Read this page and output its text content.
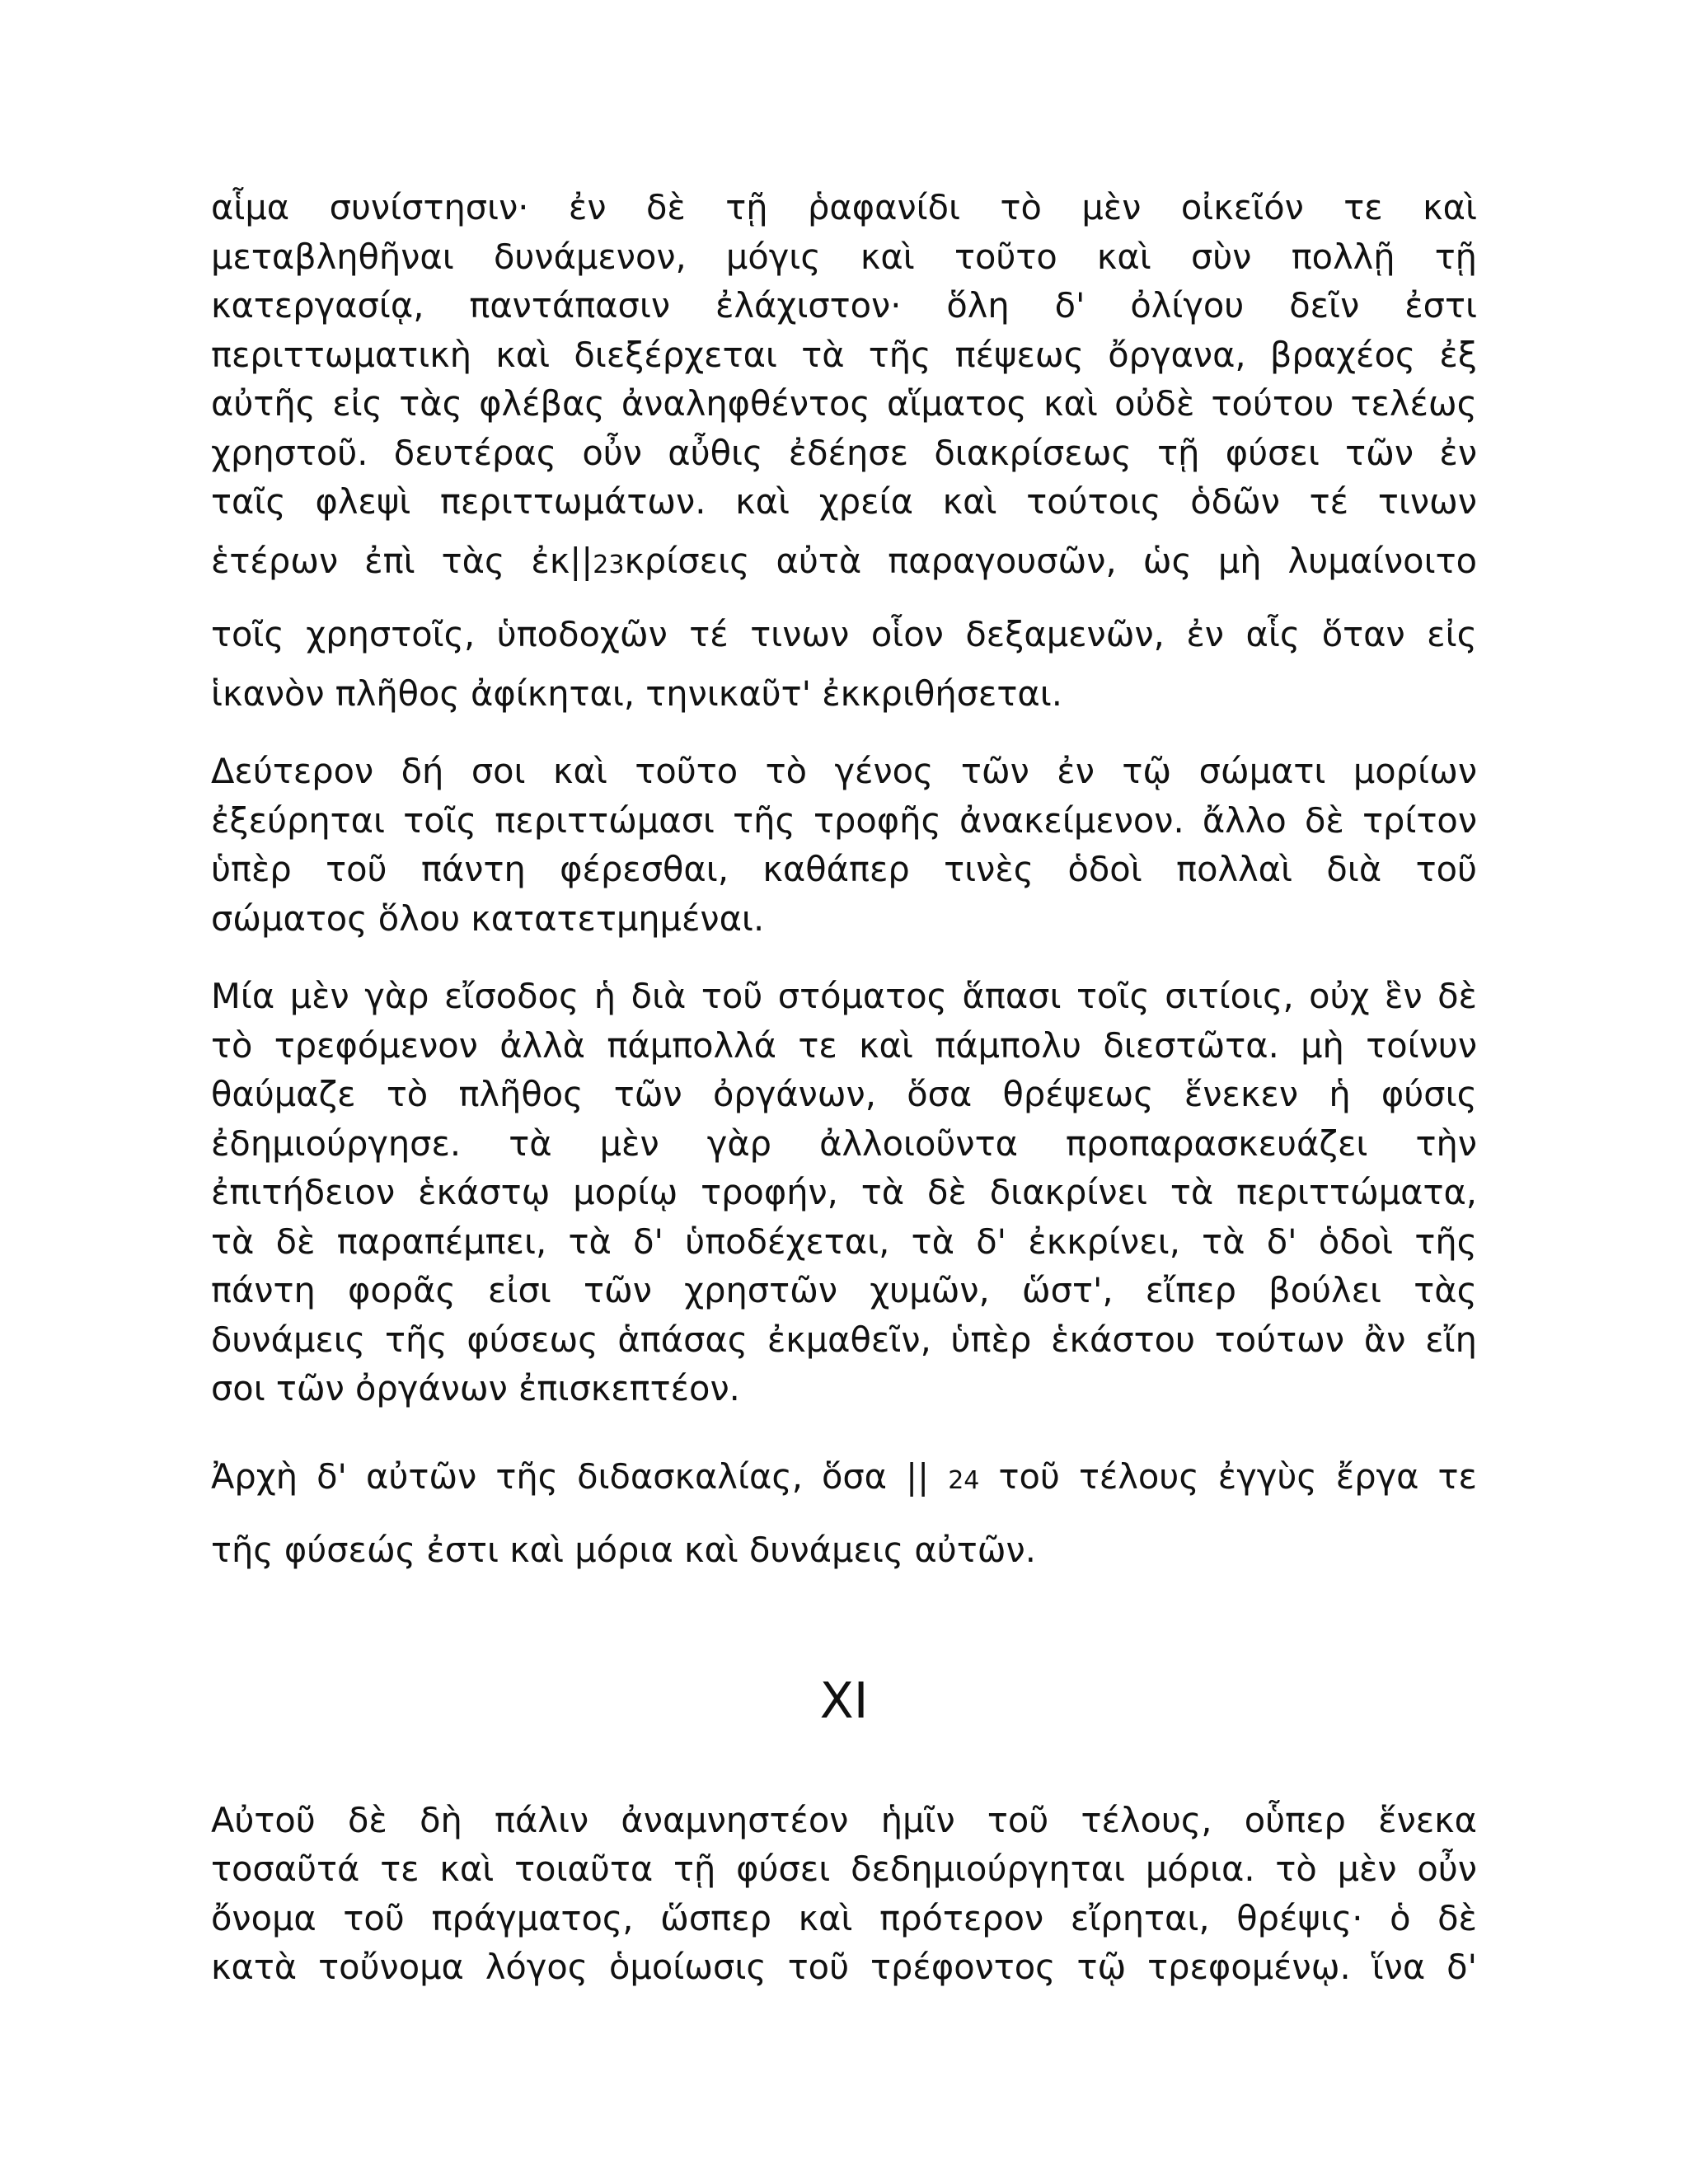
αἷμα συνίστησιν· ἐν δὲ τῇ ῥαφανίδι τὸ μὲν οἰκεῖόν τε καὶ
μεταβληθῆναι δυνάμενον, μόγις καὶ τοῦτο καὶ σὺν πολλῇ τῇ
κατεργασίᾳ, παντάπασιν ἐλάχιστον· ὅλη δ' ὀλίγου δεῖν ἐστι
περιττωματικὴ καὶ διεξέρχεται τὰ τῆς πέψεως ὄργανα, βραχέος ἐξ
αὐτῆς εἰς τὰς φλέβας ἀναληφθέντος αἵματος καὶ οὐδὲ τούτου τελέως
χρηστοῦ. δευτέρας οὖν αὖθις ἐδέησε διακρίσεως τῇ φύσει τῶν ἐν
ταῖς φλεψὶ περιττωμάτων. καὶ χρεία καὶ τούτοις ὁδῶν τέ τινων
ἑτέρων ἐπὶ τὰς ἐκ||23κρίσεις αὐτὰ παραγουσῶν, ὡς μὴ λυμαίνοιτο
τοῖς χρηστοῖς, ὑποδοχῶν τέ τινων οἷον δεξαμενῶν, ἐν αἷς ὅταν εἰς
ἱκανὸν πλῆθος ἀφίκηται, τηνικαῦτ' ἐκκριθήσεται.

Δεύτερον δή σοι καὶ τοῦτο τὸ γένος τῶν ἐν τῷ σώματι μορίων
ἐξεύρηται τοῖς περιττώμασι τῆς τροφῆς ἀνακείμενον. ἄλλο δὲ τρίτον
ὑπὲρ τοῦ πάντη φέρεσθαι, καθάπερ τινὲς ὁδοὶ πολλαὶ διὰ τοῦ
σώματος ὅλου κατατετμημέναι.

Μία μὲν γὰρ εἴσοδος ἡ διὰ τοῦ στόματος ἅπασι τοῖς σιτίοις, οὐχ ἓν δὲ
τὸ τρεφόμενον ἀλλὰ πάμπολλά τε καὶ πάμπολυ διεστῶτα. μὴ τοίνυν
θαύμαζε τὸ πλῆθος τῶν ὀργάνων, ὅσα θρέψεως ἕνεκεν ἡ φύσις
ἐδημιούργησε. τὰ μὲν γὰρ ἀλλοιοῦντα προπαρασκευάζει τὴν
ἐπιτήδειον ἑκάστῳ μορίῳ τροφήν, τὰ δὲ διακρίνει τὰ περιττώματα,
τὰ δὲ παραπέμπει, τὰ δ' ὑποδέχεται, τὰ δ' ἐκκρίνει, τὰ δ' ὁδοὶ τῆς
πάντη φορᾶς εἰσι τῶν χρηστῶν χυμῶν, ὥστ', εἴπερ βούλει τὰς
δυνάμεις τῆς φύσεως ἁπάσας ἐκμαθεῖν, ὑπὲρ ἑκάστου τούτων ἂν εἴη
σοι τῶν ὀργάνων ἐπισκεπτέον.

Ἀρχὴ δ' αὐτῶν τῆς διδασκαλίας, ὅσα || 24 τοῦ τέλους ἐγγὺς ἔργα τε
τῆς φύσεώς ἐστι καὶ μόρια καὶ δυνάμεις αὐτῶν.

XI

Αὐτοῦ δὲ δὴ πάλιν ἀναμνηστέον ἡμῖν τοῦ τέλους, οὗπερ ἕνεκα
τοσαῦτά τε καὶ τοιαῦτα τῇ φύσει δεδημιούργηται μόρια. τὸ μὲν οὖν
ὄνομα τοῦ πράγματος, ὥσπερ καὶ πρότερον εἴρηται, θρέψις· ὁ δὲ
κατὰ τοὔνομα λόγος ὁμοίωσις τοῦ τρέφοντος τῷ τρεφομένῳ. ἵνα δ'
